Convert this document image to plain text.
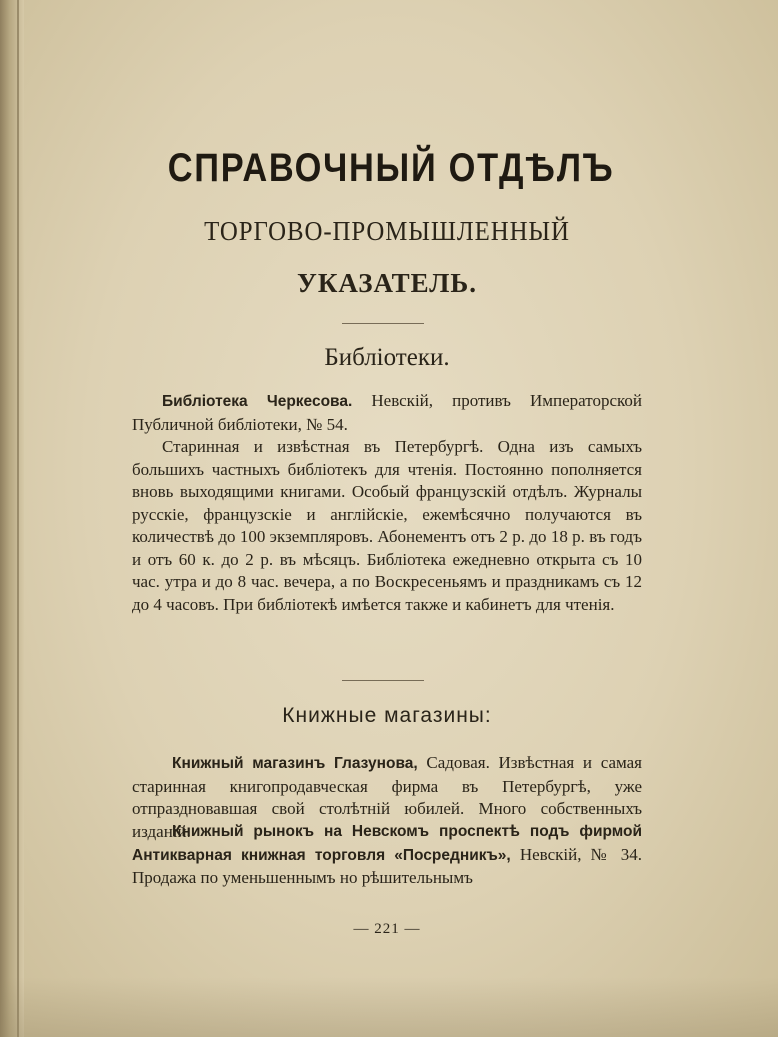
СПРАВОЧНЫЙ ОТДѢЛЪ
ТОРГОВО-ПРОМЫШЛЕННЫЙ
УКАЗАТЕЛЬ.
Библіотеки.
Библіотека Черкесова. Невскій, противъ Императорской Публичной библіотеки, № 54.
Старинная и извѣстная въ Петербургѣ. Одна изъ самыхъ большихъ частныхъ библіотекъ для чтенія. Постоянно пополняется вновь выходящими книгами. Особый французскій отдѣлъ. Журналы русскіе, французскіе и англійскіе, ежемѣсячно получаются въ количествѣ до 100 экземпляровъ. Абонементъ отъ 2 р. до 18 р. въ годъ и отъ 60 к. до 2 р. въ мѣсяцъ. Библіотека ежедневно открыта съ 10 час. утра и до 8 час. вечера, а по Воскресеньямъ и праздникамъ съ 12 до 4 часовъ. При библіотекѣ имѣется также и кабинетъ для чтенія.
Книжные магазины:
Книжный магазинъ Глазунова, Садовая. Извѣстная и самая старинная книгопродавческая фирма въ Петербургѣ, уже отпраздновавшая свой столѣтній юбилей. Много собственныхъ изданій.
Книжный рынокъ на Невскомъ проспектѣ подъ фирмой Антикварная книжная торговля «Посредникъ», Невскій, № 34. Продажа по уменьшеннымъ но рѣшительнымъ
— 221 —
